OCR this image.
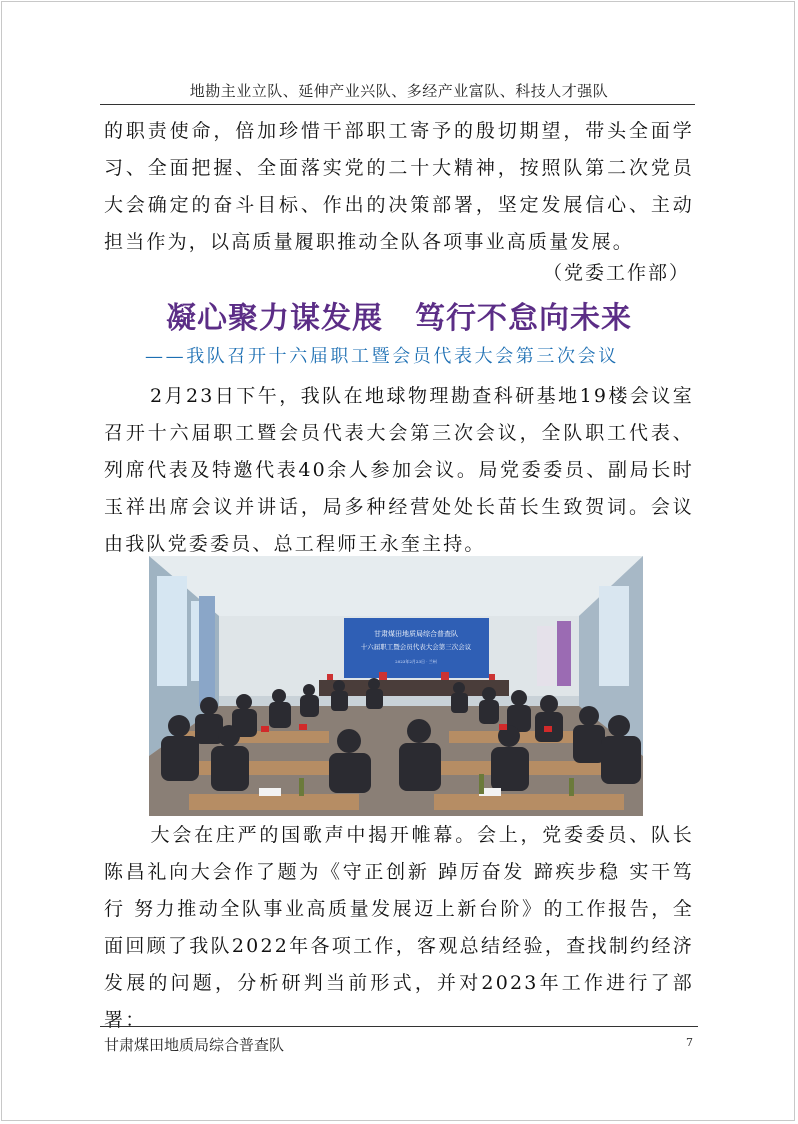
地勘主业立队、延伸产业兴队、多经产业富队、科技人才强队
的职责使命，倍加珍惜干部职工寄予的殷切期望，带头全面学习、全面把握、全面落实党的二十大精神，按照队第二次党员大会确定的奋斗目标、作出的决策部署，坚定发展信心、主动担当作为，以高质量履职推动全队各项事业高质量发展。
（党委工作部）
凝心聚力谋发展 笃行不怠向未来
——我队召开十六届职工暨会员代表大会第三次会议
2月23日下午，我队在地球物理勘查科研基地19楼会议室召开十六届职工暨会员代表大会第三次会议，全队职工代表、列席代表及特邀代表40余人参加会议。局党委委员、副局长时玉祥出席会议并讲话，局多种经营处处长苗长生致贺词。会议由我队党委委员、总工程师王永奎主持。
甘肃煤田地质局综合普查队
十六届职工暨会员代表大会第三次会议
2023年2月23日 · 兰州
大会在庄严的国歌声中揭开帷幕。会上，党委委员、队长陈昌礼向大会作了题为《守正创新 踔厉奋发 蹄疾步稳 实干笃行 努力推动全队事业高质量发展迈上新台阶》的工作报告，全面回顾了我队2022年各项工作，客观总结经验，查找制约经济发展的问题，分析研判当前形式，并对2023年工作进行了部署：
甘肃煤田地质局综合普查队	7
